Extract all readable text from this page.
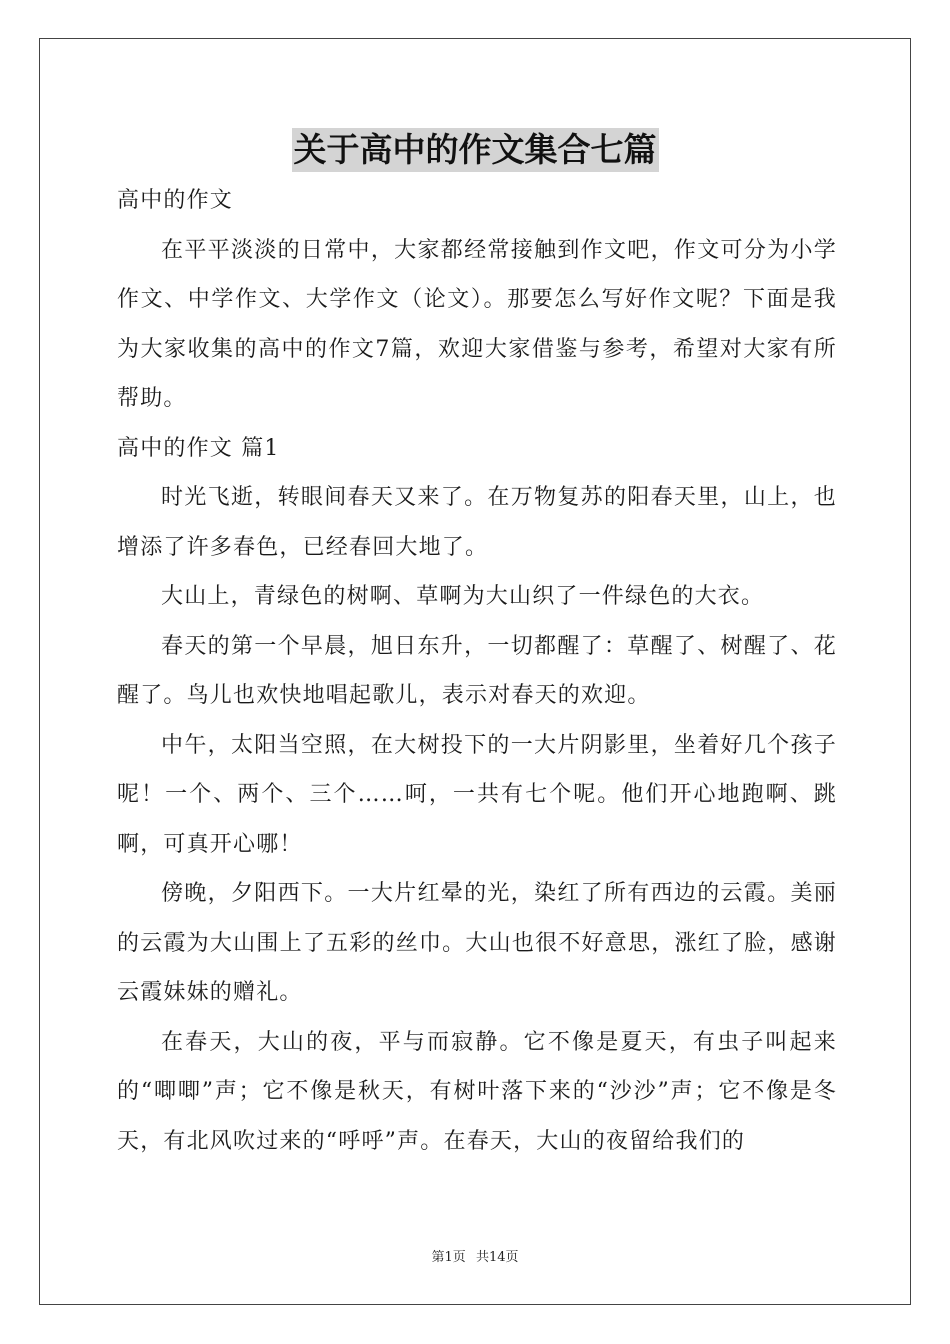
关于高中的作文集合七篇

高中的作文

在平平淡淡的日常中，大家都经常接触到作文吧，作文可分为小学作文、中学作文、大学作文（论文）。那要怎么写好作文呢？下面是我为大家收集的高中的作文7篇，欢迎大家借鉴与参考，希望对大家有所帮助。

高中的作文 篇1

时光飞逝，转眼间春天又来了。在万物复苏的阳春天里，山上，也增添了许多春色，已经春回大地了。

大山上，青绿色的树啊、草啊为大山织了一件绿色的大衣。

春天的第一个早晨，旭日东升，一切都醒了：草醒了、树醒了、花醒了。鸟儿也欢快地唱起歌儿，表示对春天的欢迎。

中午，太阳当空照，在大树投下的一大片阴影里，坐着好几个孩子呢！一个、两个、三个……呵，一共有七个呢。他们开心地跑啊、跳啊，可真开心哪！

傍晚，夕阳西下。一大片红晕的光，染红了所有西边的云霞。美丽的云霞为大山围上了五彩的丝巾。大山也很不好意思，涨红了脸，感谢云霞妹妹的赠礼。

在春天，大山的夜，平与而寂静。它不像是夏天，有虫子叫起来的“唧唧”声；它不像是秋天，有树叶落下来的“沙沙”声；它不像是冬天，有北风吹过来的“呼呼”声。在春天，大山的夜留给我们的

第1页 共14页
